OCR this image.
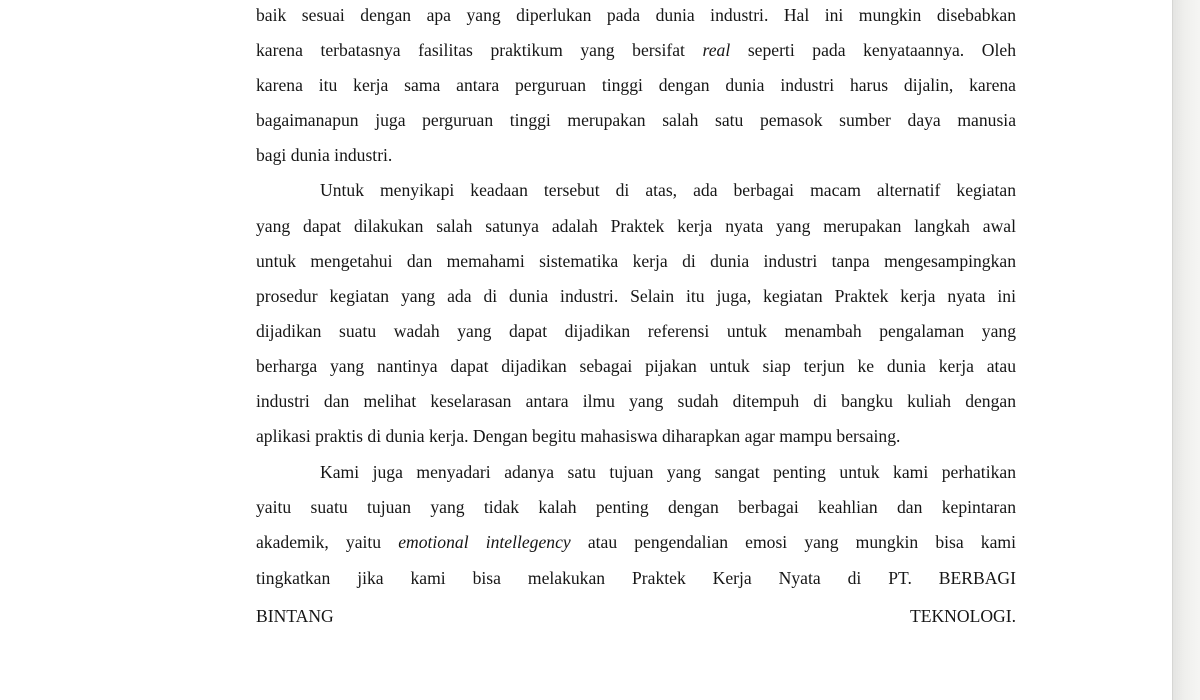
baik sesuai dengan apa yang diperlukan pada dunia industri. Hal ini mungkin disebabkan
karena terbatasnya fasilitas praktikum yang bersifat real seperti pada kenyataannya. Oleh
karena itu kerja sama antara perguruan tinggi dengan dunia industri harus dijalin, karena
bagaimanapun juga perguruan tinggi merupakan salah satu pemasok sumber daya manusia
bagi dunia industri.
Untuk menyikapi keadaan tersebut di atas, ada berbagai macam alternatif kegiatan
yang dapat dilakukan salah satunya adalah Praktek kerja nyata yang merupakan langkah awal
untuk mengetahui dan memahami sistematika kerja di dunia industri tanpa mengesampingkan
prosedur kegiatan yang ada di dunia industri. Selain itu juga, kegiatan Praktek kerja nyata ini
dijadikan suatu wadah yang dapat dijadikan referensi untuk menambah pengalaman yang
berharga yang nantinya dapat dijadikan sebagai pijakan untuk siap terjun ke dunia kerja atau
industri dan melihat keselarasan antara ilmu yang sudah ditempuh di bangku kuliah dengan
aplikasi praktis di dunia kerja. Dengan begitu mahasiswa diharapkan agar mampu bersaing.
Kami juga menyadari adanya satu tujuan yang sangat penting untuk kami perhatikan
yaitu suatu tujuan yang tidak kalah penting dengan berbagai keahlian dan kepintaran
akademik, yaitu emotional intellegency atau pengendalian emosi yang mungkin bisa kami
tingkatkan jika kami bisa melakukan Praktek Kerja Nyata di PT. BERBAGI
BINTANG	TEKNOLOGI.
